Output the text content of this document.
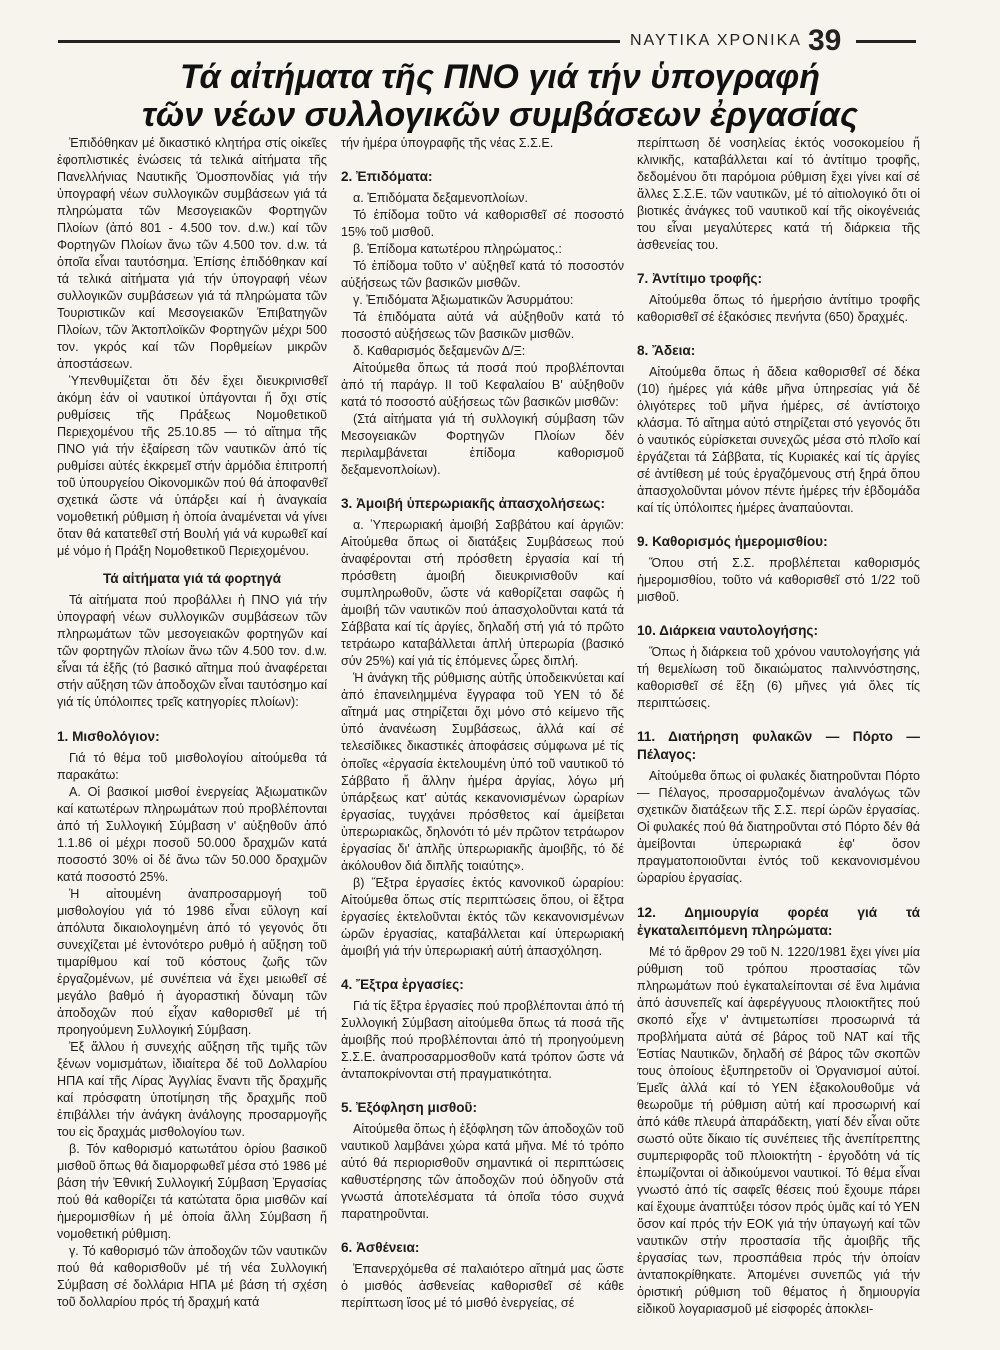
ΝΑΥΤΙΚΑ ΧΡΟΝΙΚΑ 39
Τά αἰτήματα τῆς ΠΝΟ γιά τήν ὑπογραφή
τῶν νέων συλλογικῶν συμβάσεων ἐργασίας

Ἐπιδόθηκαν μέ δικαστικό κλητήρα στίς οἰκεῖες ἐφοπλιστικές ἑνώσεις τά τελικά αἰτήματα τῆς Πανελλήνιας Ναυτικῆς Ὁμοσπονδίας γιά τήν ὑπογραφή νέων συλλογικῶν συμβάσεων γιά τά πληρώματα τῶν Μεσογειακῶν Φορτηγῶν Πλοίων (ἀπό 801 - 4.500 τον. d.w.) καί τῶν Φορτηγῶν Πλοίων ἄνω τῶν 4.500 τον. d.w. τά ὁποῖα εἶναι ταυτόσημα. Ἐπίσης ἐπιδόθηκαν καί τά τελικά αἰτήματα γιά τήν ὑπογραφή νέων συλλογικῶν συμβάσεων γιά τά πληρώματα τῶν Τουριστικῶν καί Μεσογειακῶν Ἐπιβατηγῶν Πλοίων, τῶν Ἀκτοπλοϊκῶν Φορτηγῶν μέχρι 500 τον. γκρός καί τῶν Πορθμείων μικρῶν ἀποστάσεων.

Ὑπενθυμίζεται ὅτι δέν ἔχει διευκρινισθεῖ ἀκόμη ἐάν οἱ ναυτικοί ὑπάγονται ἤ ὄχι στίς ρυθμίσεις τῆς Πράξεως Νομοθετικοῦ Περιεχομένου τῆς 25.10.85 — τό αἴτημα τῆς ΠΝΟ γιά τήν ἐξαίρεση τῶν ναυτικῶν ἀπό τίς ρυθμίσει αὐτές ἐκκρεμεῖ στήν ἁρμόδια ἐπιτροπή τοῦ ὑπουργείου Οἰκονομικῶν πού θά ἀποφανθεῖ σχετικά ὥστε νά ὑπάρξει καί ἡ ἀναγκαία νομοθετική ρύθμιση ἡ ὁποία ἀναμένεται νά γίνει ὅταν θά κατατεθεῖ στή Βουλή γιά νά κυρωθεῖ καί μέ νόμο ἡ Πράξη Νομοθετικοῦ Περιεχομένου.

Τά αἰτήματα γιά τά φορτηγά

Τά αἰτήματα πού προβάλλει ἡ ΠΝΟ γιά τήν ὑπογραφή νέων συλλογικῶν συμβάσεων τῶν πληρωμάτων τῶν μεσογειακῶν φορτηγῶν καί τῶν φορτηγῶν πλοίων ἄνω τῶν 4.500 τον. d.w. εἶναι τά ἑξῆς (τό βασικό αἴτημα πού ἀναφέρεται στήν αὔξηση τῶν ἀποδοχῶν εἶναι ταυτόσημο καί γιά τίς ὑπόλοιπες τρεῖς κατηγορίες πλοίων):

1. Μισθολόγιον:

Γιά τό θέμα τοῦ μισθολογίου αἰτούμεθα τά παρακάτω:

Α. Οἱ βασικοί μισθοί ἐνεργείας Ἀξιωματικῶν καί κατωτέρων πληρωμάτων πού προβλέπονται ἀπό τή Συλλογική Σύμβαση ν' αὐξηθοῦν ἀπό 1.1.86 οἱ μέχρι ποσοῦ 50.000 δραχμῶν κατά ποσοστό 30% οἱ δέ ἄνω τῶν 50.000 δραχμῶν κατά ποσοστό 25%.

Ἡ αἰτουμένη ἀναπροσαρμογή τοῦ μισθολογίου γιά τό 1986 εἶναι εὔλογη καί ἀπόλυτα δικαιολογημένη ἀπό τό γεγονός ὅτι συνεχίζεται μέ ἐντονότερο ρυθμό ἡ αὔξηση τοῦ τιμαρίθμου καί τοῦ κόστους ζωῆς τῶν ἐργαζομένων, μέ συνέπεια νά ἔχει μειωθεῖ σέ μεγάλο βαθμό ἡ ἀγοραστική δύναμη τῶν ἀποδοχῶν πού εἶχαν καθορισθεῖ μέ τή προηγούμενη Συλλογική Σύμβαση.

Ἐξ ἄλλου ἡ συνεχής αὔξηση τῆς τιμῆς τῶν ξένων νομισμάτων, ἰδιαίτερα δέ τοῦ Δολλαρίου ΗΠΑ καί τῆς Λίρας Ἀγγλίας ἔναντι τῆς δραχμῆς καί πρόσφατη ὑποτίμηση τῆς δραχμῆς ποῦ ἐπιβάλλει τήν ἀνάγκη ἀνάλογης προσαρμογῆς του εἰς δραχμάς μισθολογίου των.

β. Τόν καθορισμό κατωτάτου ὁρίου βασικοῦ μισθοῦ ὅπως θά διαμορφωθεῖ μέσα στό 1986 μέ βάση τήν Ἐθνική Συλλογική Σύμβαση Ἐργασίας πού θά καθορίζει τά κατώτατα ὅρια μισθῶν καί ἡμερομισθίων ἡ μέ ὁποία ἄλλη Σύμβαση ἤ νομοθετική ρύθμιση.

γ. Τό καθορισμό τῶν ἀποδοχῶν τῶν ναυτικῶν πού θά καθορισθοῦν μέ τή νέα Συλλογική Σύμβαση σέ δολλάρια ΗΠΑ μέ βάση τή σχέση τοῦ δολλαρίου πρός τή δραχμή κατά

τήν ἡμέρα ὑπογραφῆς τῆς νέας Σ.Σ.Ε.

2. Ἐπιδόματα:

α. Ἐπιδόματα δεξαμενοπλοίων.

Τό ἐπίδομα τοῦτο νά καθορισθεῖ σέ ποσοστό 15% τοῦ μισθοῦ.

β. Ἐπίδομα κατωτέρου πληρώματος.:

Τό ἐπίδομα τοῦτο ν' αὐξηθεῖ κατά τό ποσοστόν αὐξήσεως τῶν βασικῶν μισθῶν.

γ. Ἐπιδόματα Ἀξιωματικῶν Ἀσυρμάτου:

Τά ἐπιδόματα αὐτά νά αὐξηθοῦν κατά τό ποσοστό αὐξήσεως τῶν βασικῶν μισθῶν.

δ. Καθαρισμός δεξαμενῶν Δ/Ξ:

Αἰτούμεθα ὅπως τά ποσά πού προβλέπονται ἀπό τή παράγρ. ΙΙ τοῦ Κεφαλαίου Β' αὐξηθοῦν κατά τό ποσοστό αὐξήσεως τῶν βασικῶν μισθῶν:

(Στά αἰτήματα γιά τή συλλογική σύμβαση τῶν Μεσογειακῶν Φορτηγῶν Πλοίων δέν περιλαμβάνεται ἐπίδομα καθορισμοῦ δεξαμενοπλοίων).

3. Ἀμοιβή ὑπερωριακῆς ἀπασχολήσεως:

α. Ὑπερωριακή ἀμοιβή Σαββάτου καί ἀργιῶν: Αἰτούμεθα ὅπως οἱ διατάξεις Συμβάσεως πού ἀναφέρονται στή πρόσθετη ἐργασία καί τή πρόσθετη ἀμοιβή διευκρινισθοῦν καί συμπληρωθοῦν, ὥστε νά καθορίζεται σαφῶς ἡ ἀμοιβή τῶν ναυτικῶν πού ἀπασχολοῦνται κατά τά Σάββατα καί τίς ἀργίες, δηλαδή στή γιά τό πρῶτο τετράωρο καταβάλλεται ἁπλή ὑπερωρία (βασικό σύν 25%) καί γιά τίς ἑπόμενες ὧρες διπλή.

Ἡ ἀνάγκη τῆς ρύθμισης αὐτῆς ὑποδεικνύεται καί ἀπό ἐπανειλημμένα ἔγγραφα τοῦ ΥΕΝ τό δέ αἴτημά μας στηρίζεται ὄχι μόνο στό κείμενο τῆς ὑπό ἀνανέωση Συμβάσεως, ἀλλά καί σέ τελεσίδικες δικαστικές ἀποφάσεις σύμφωνα μέ τίς ὁποῖες «ἐργασία ἐκτελουμένη ὑπό τοῦ ναυτικοῦ τό Σάββατο ἤ ἄλλην ἡμέρα ἀργίας, λόγω μή ὑπάρξεως κατ' αὐτάς κεκανονισμένων ὡραρίων ἐργασίας, τυγχάνει πρόσθετος καί ἀμείβεται ὑπερωριακῶς, δηλονότι τό μέν πρῶτον τετράωρον ἐργασίας δι' ἁπλῆς ὑπερωριακῆς ἀμοιβῆς, τό δέ ἀκόλουθον διά διπλῆς τοιαύτης».

β) Ἔξτρα ἐργασίες ἐκτός κανονικοῦ ὡραρίου: Αἰτούμεθα ὅπως στίς περιπτώσεις ὅπου, οἱ ἔξτρα ἐργασίες ἐκτελοῦνται ἐκτός τῶν κεκανονισμένων ὡρῶν ἐργασίας, καταβάλλεται καί ὑπερωριακή ἀμοιβή γιά τήν ὑπερωριακή αὐτή ἀπασχόληση.

4. Ἔξτρα ἐργασίες:

Γιά τίς ἔξτρα ἐργασίες πού προβλέπονται ἀπό τή Συλλογική Σύμβαση αἰτούμεθα ὅπως τά ποσά τῆς ἀμοιβῆς πού προβλέπονται ἀπό τή προηγούμενη Σ.Σ.Ε. ἀναπροσαρμοσθοῦν κατά τρόπον ὥστε νά ἀνταποκρίνονται στή πραγματικότητα.

5. Ἐξόφληση μισθοῦ:

Αἰτούμεθα ὅπως ἡ ἐξόφληση τῶν ἀποδοχῶν τοῦ ναυτικοῦ λαμβάνει χώρα κατά μῆνα. Μέ τό τρόπο αὐτό θά περιορισθοῦν σημαντικά οἱ περιπτώσεις καθυστέρησης τῶν ἀποδοχῶν πού ὁδηγοῦν στά γνωστά ἀποτελέσματα τά ὁποῖα τόσο συχνά παρατηροῦνται.

6. Ἀσθένεια:

Ἐπανερχόμεθα σέ παλαιότερο αἴτημά μας ὥστε ὁ μισθός ἀσθενείας καθορισθεῖ σέ κάθε περίπτωση ἴσος μέ τό μισθό ἐνεργείας, σέ

περίπτωση δέ νοσηλείας ἐκτός νοσοκομείου ἤ κλινικῆς, καταβάλλεται καί τό ἀντίτιμο τροφῆς, δεδομένου ὅτι παρόμοια ρύθμιση ἔχει γίνει καί σέ ἄλλες Σ.Σ.Ε. τῶν ναυτικῶν, μέ τό αἰτιολογικό ὅτι οἱ βιοτικές ἀνάγκες τοῦ ναυτικοῦ καί τῆς οἰκογένειάς του εἶναι μεγαλύτερες κατά τή διάρκεια τῆς ἀσθενείας του.

7. Ἀντίτιμο τροφῆς:

Αἰτούμεθα ὅπως τό ἡμερήσιο ἀντίτιμο τροφῆς καθορισθεῖ σέ ἑξακόσιες πενήντα (650) δραχμές.

8. Ἄδεια:

Αἰτούμεθα ὅπως ἡ ἄδεια καθορισθεῖ σέ δέκα (10) ἡμέρες γιά κάθε μῆνα ὑπηρεσίας γιά δέ ὀλιγότερες τοῦ μῆνα ἡμέρες, σέ ἀντίστοιχο κλάσμα. Τό αἴτημα αὐτό στηρίζεται στό γεγονός ὅτι ὁ ναυτικός εὑρίσκεται συνεχῶς μέσα στό πλοῖο καί ἐργάζεται τά Σάββατα, τίς Κυριακές καί τίς ἀργίες σέ ἀντίθεση μέ τούς ἐργαζόμενους στή ξηρά ὅπου ἀπασχολοῦνται μόνον πέντε ἡμέρες τήν ἑβδομάδα καί τίς ὑπόλοιπες ἡμέρες ἀναπαύονται.

9. Καθορισμός ἡμερομισθίου:

Ὅπου στή Σ.Σ. προβλέπεται καθορισμός ἡμερομισθίου, τοῦτο νά καθορισθεῖ στό 1/22 τοῦ μισθοῦ.

10. Διάρκεια ναυτολογήσης:

Ὅπως ἡ διάρκεια τοῦ χρόνου ναυτολογήσης γιά τή θεμελίωση τοῦ δικαιώματος παλιννόστησης, καθορισθεῖ σέ ἕξη (6) μῆνες γιά ὅλες τίς περιπτώσεις.

11. Διατήρηση φυλακῶν — Πόρτο — Πέλαγος:

Αἰτούμεθα ὅπως οἱ φυλακές διατηροῦνται Πόρτο — Πέλαγος, προσαρμοζομένων ἀναλόγως τῶν σχετικῶν διατάξεων τῆς Σ.Σ. περί ὡρῶν ἐργασίας. Οἱ φυλακές πού θά διατηροῦνται στό Πόρτο δέν θά ἀμείβονται ὑπερωριακά ἐφ' ὅσον πραγματοποιοῦνται ἐντός τοῦ κεκανονισμένου ὡραρίου ἐργασίας.

12. Δημιουργία φορέα γιά τά ἐγκαταλειπόμενη πληρώματα:

Μέ τό ἄρθρον 29 τοῦ Ν. 1220/1981 ἔχει γίνει μία ρύθμιση τοῦ τρόπου προστασίας τῶν πληρωμάτων πού ἐγκαταλείπονται σέ ἕνα λιμάνια ἀπό ἀσυνεπεῖς καί ἀφερέγγυους πλοιοκτῆτες πού σκοπό εἶχε ν' ἀντιμετωπίσει προσωρινά τά προβλήματα αὐτά σέ βάρος τοῦ ΝΑΤ καί τῆς Ἑστίας Ναυτικῶν, δηλαδή σέ βάρος τῶν σκοπῶν τους ὁποίους ἐξυπηρετοῦν οἱ Ὀργανισμοί αὐτοί. Ἐμεῖς ἀλλά καί τό ΥΕΝ ἐξακολουθοῦμε νά θεωροῦμε τή ρύθμιση αὐτή καί προσωρινή καί ἀπό κάθε πλευρά ἀπαράδεκτη, γιατί δέν εἶναι οὔτε σωστό οὔτε δίκαιο τίς συνέπειες τῆς ἀνεπίτρεπτης συμπεριφορᾶς τοῦ πλοιοκτήτη - ἐργοδότη νά τίς ἐπωμίζονται οἱ ἀδικούμενοι ναυτικοί. Τό θέμα εἶναι γνωστό ἀπό τίς σαφεῖς θέσεις πού ἔχουμε πάρει καί ἔχουμε ἀναπτύξει τόσον πρός ὑμᾶς καί τό ΥΕΝ ὅσον καί πρός τήν ΕΟΚ γιά τήν ὑπαγωγή καί τῶν ναυτικῶν στήν προστασία τῆς ἀμοιβῆς τῆς ἐργασίας των, προσπάθεια πρός τήν ὁποίαν ἀνταποκρίθηκατε. Ἀπομένει συνεπῶς γιά τήν ὁριστική ρύθμιση τοῦ θέματος ἡ δημιουργία εἰδικοῦ λογαριασμοῦ μέ εἰσφορές ἀποκλει-
